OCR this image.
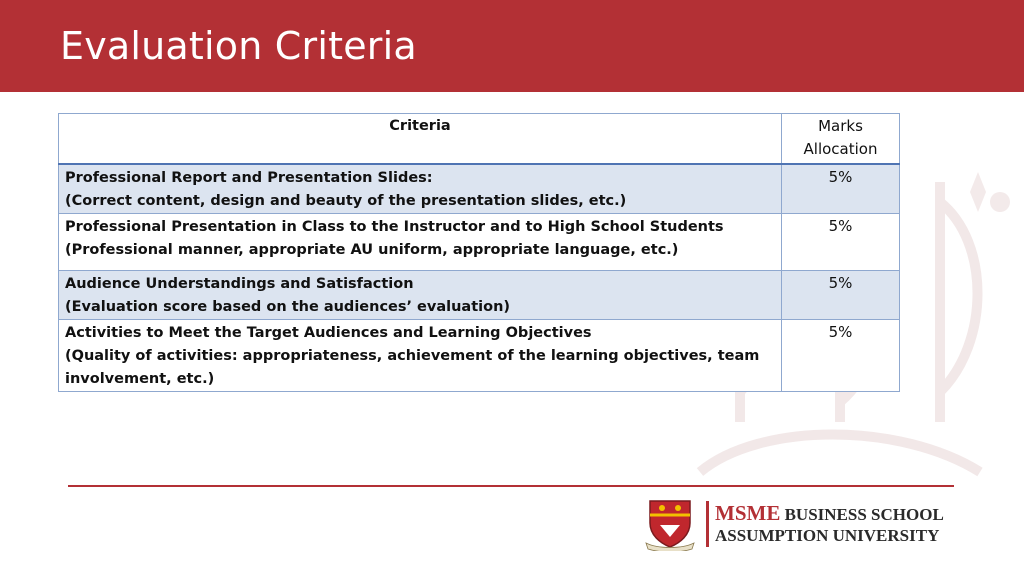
Evaluation Criteria
Criteria	Marks
Allocation

Professional Report and Presentation Slides:
(Correct content, design and beauty of the presentation slides, etc.)	5%

Professional Presentation in Class to the Instructor and to High School Students
(Professional manner, appropriate AU uniform, appropriate language, etc.)	5%

Audience Understandings and Satisfaction
(Evaluation score based on the audiences’ evaluation)	5%

Activities to Meet the Target Audiences and Learning Objectives
(Quality of activities: appropriateness, achievement of the learning objectives, team involvement, etc.)	5%
MSME BUSINESS SCHOOL
ASSUMPTION UNIVERSITY
